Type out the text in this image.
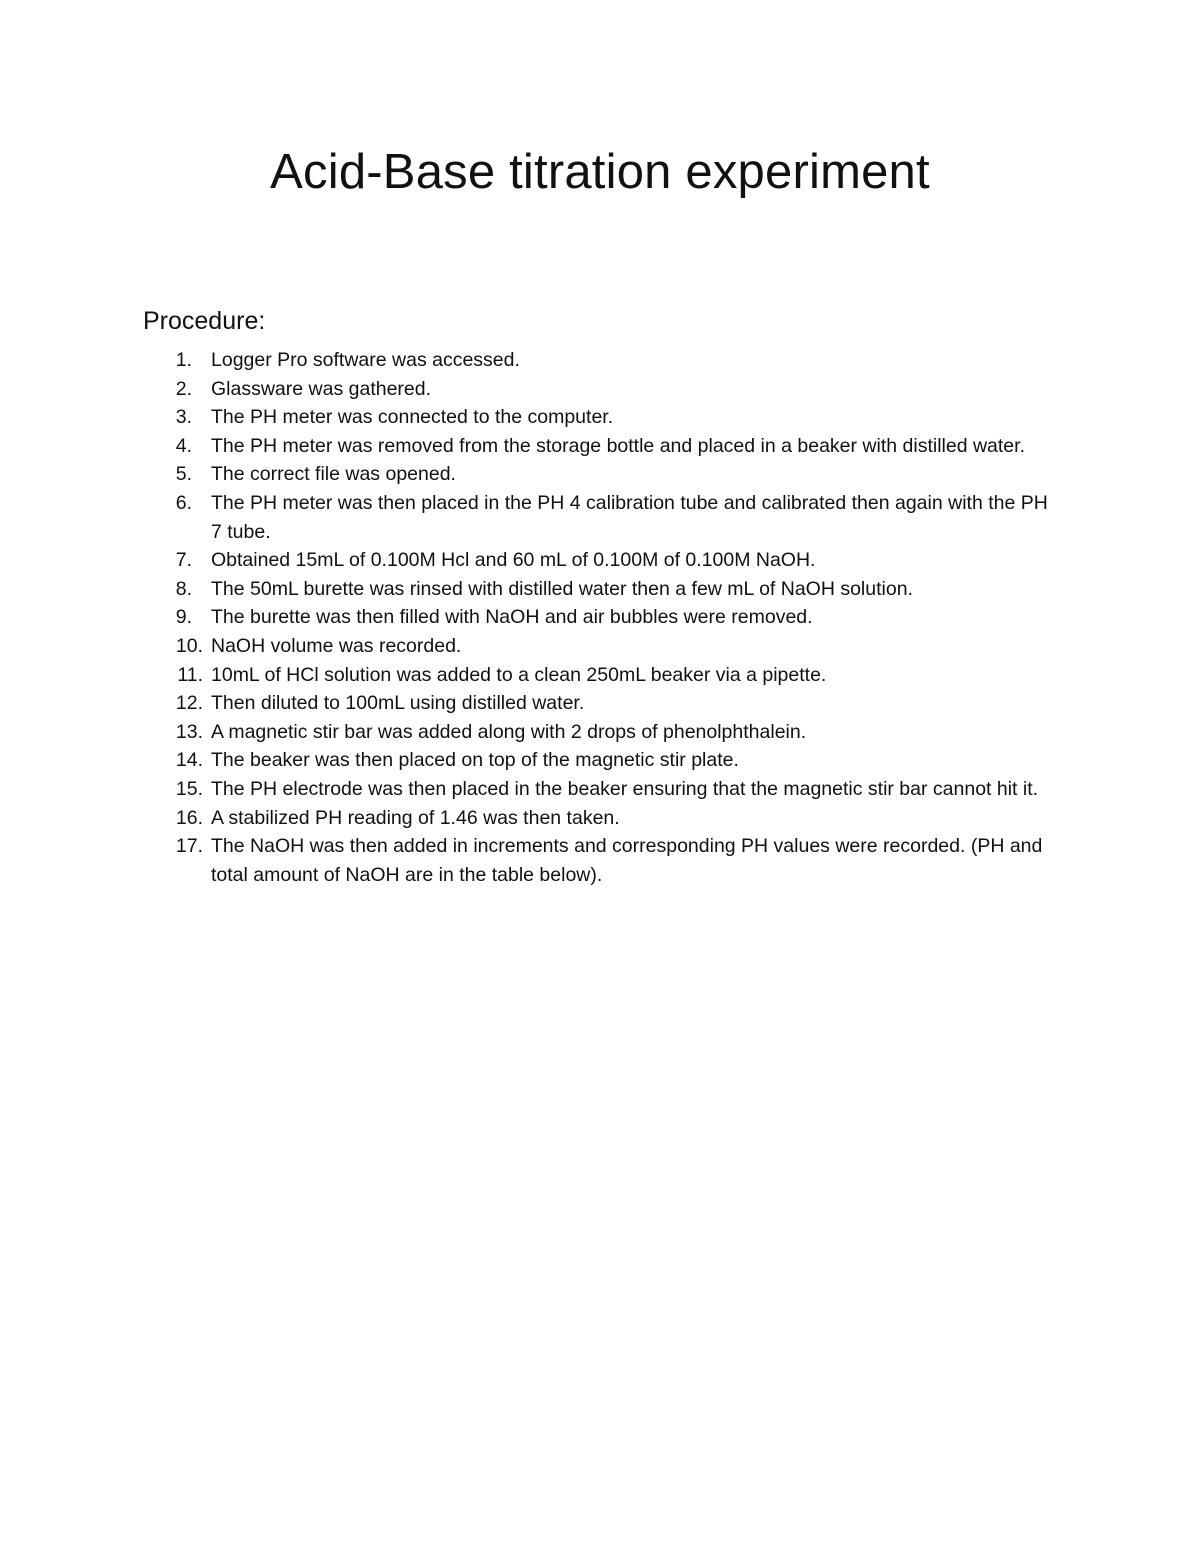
Acid-Base titration experiment
Procedure:
1. Logger Pro software was accessed.
2. Glassware was gathered.
3. The PH meter was connected to the computer.
4. The PH meter was removed from the storage bottle and placed in a beaker with distilled water.
5. The correct file was opened.
6. The PH meter was then placed in the PH 4 calibration tube and calibrated then again with the PH 7 tube.
7. Obtained 15mL of 0.100M Hcl and 60 mL of 0.100M of 0.100M NaOH.
8. The 50mL burette was rinsed with distilled water then a few mL of NaOH solution.
9. The burette was then filled with NaOH and air bubbles were removed.
10. NaOH volume was recorded.
11. 10mL of HCl solution was added to a clean 250mL beaker via a pipette.
12. Then diluted to 100mL using distilled water.
13. A magnetic stir bar was added along with 2 drops of phenolphthalein.
14. The beaker was then placed on top of the magnetic stir plate.
15. The PH electrode was then placed in the beaker ensuring that the magnetic stir bar cannot hit it.
16. A stabilized PH reading of 1.46 was then taken.
17. The NaOH was then added in increments and corresponding PH values were recorded. (PH and total amount of NaOH are in the table below).
